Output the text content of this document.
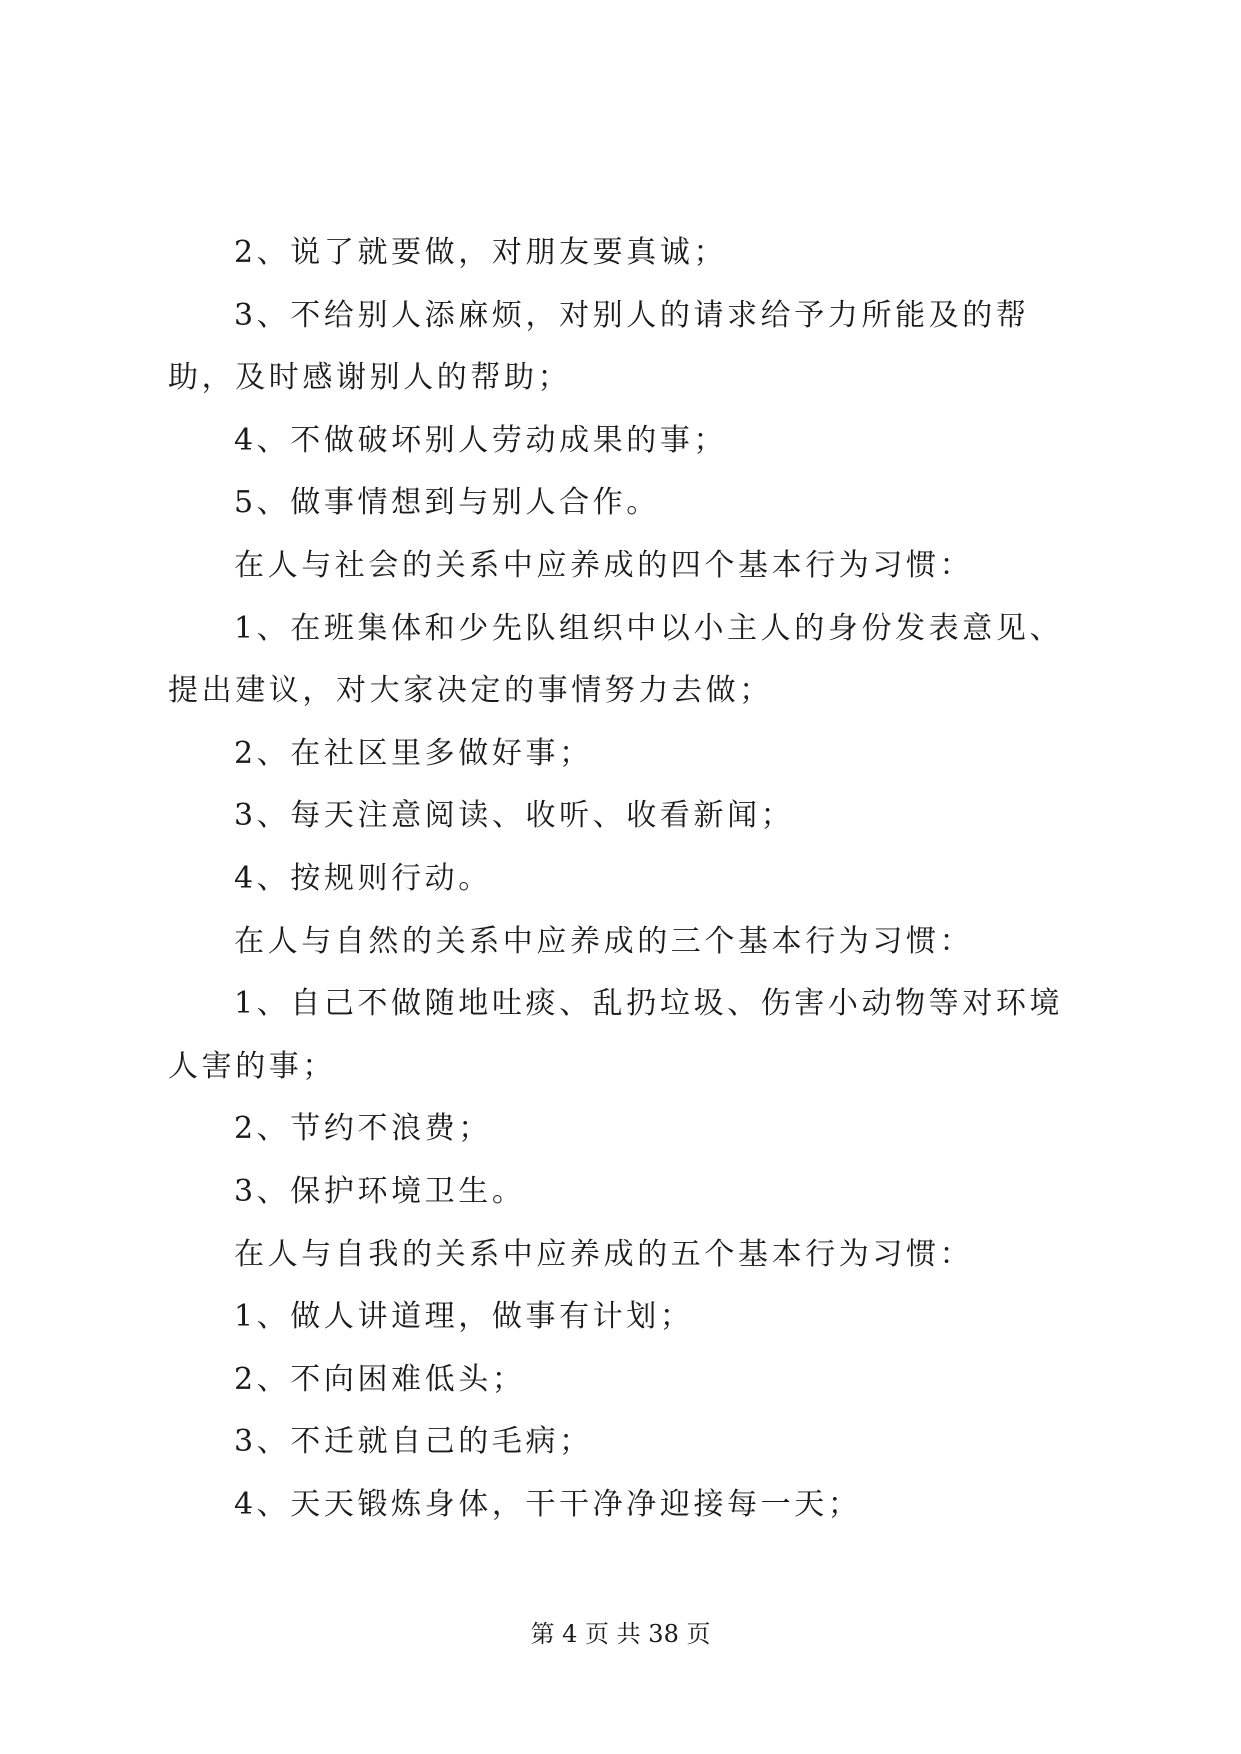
2、说了就要做，对朋友要真诚；

3、不给别人添麻烦，对别人的请求给予力所能及的帮助，及时感谢别人的帮助；

4、不做破坏别人劳动成果的事；

5、做事情想到与别人合作。

在人与社会的关系中应养成的四个基本行为习惯：

1、在班集体和少先队组织中以小主人的身份发表意见、提出建议，对大家决定的事情努力去做；

2、在社区里多做好事；

3、每天注意阅读、收听、收看新闻；

4、按规则行动。

在人与自然的关系中应养成的三个基本行为习惯：

1、自己不做随地吐痰、乱扔垃圾、伤害小动物等对环境人害的事；

2、节约不浪费；

3、保护环境卫生。

在人与自我的关系中应养成的五个基本行为习惯：

1、做人讲道理，做事有计划；

2、不向困难低头；

3、不迁就自己的毛病；

4、天天锻炼身体，干干净净迎接每一天；

第 4 页 共 38 页
